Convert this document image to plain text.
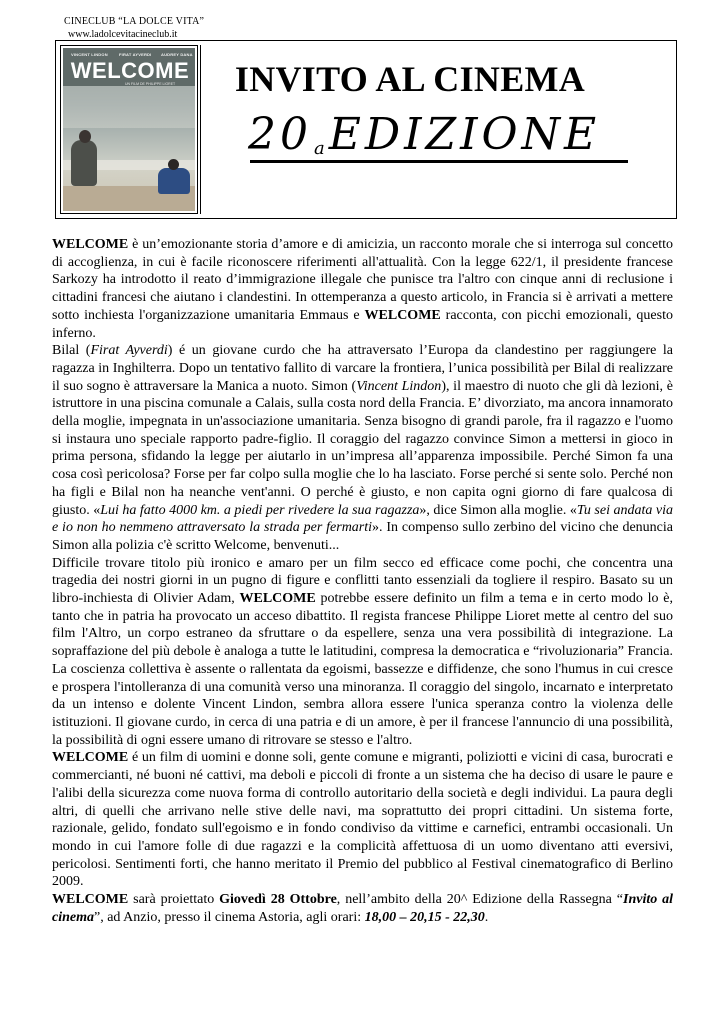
CINECLUB “LA DOLCE VITA”
www.ladolcevitacineclub.it
VINCENT LINDON	FIRAT AYVERDI AUDREY DANA
WELCOME
UN FILM DE PHILIPPE LIORET	INVITO AL CINEMA
20 $^a$EDIZIONE

WELCOME è un’emozionante storia d’amore e di amicizia, un racconto morale che si interroga sul concetto di accoglienza, in cui è facile riconoscere riferimenti all'attualità. Con la legge 622/1, il presidente francese Sarkozy ha introdotto il reato d’immigrazione illegale che punisce tra l'altro con cinque anni di reclusione i cittadini francesi che aiutano i clandestini. In ottemperanza a questo articolo, in Francia si è arrivati a mettere sotto inchiesta l'organizzazione umanitaria Emmaus e WELCOME racconta, con picchi emozionali, questo inferno.

Bilal (Firat Ayverdi) é un giovane curdo che ha attraversato l’Europa da clandestino per raggiungere la ragazza in Inghilterra. Dopo un tentativo fallito di varcare la frontiera, l’unica possibilità per Bilal di realizzare il suo sogno è attraversare la Manica a nuoto. Simon (Vincent Lindon), il maestro di nuoto che gli dà lezioni, è istruttore in una piscina comunale a Calais, sulla costa nord della Francia. E’ divorziato, ma ancora innamorato della moglie, impegnata in un'associazione umanitaria. Senza bisogno di grandi parole, fra il ragazzo e l'uomo si instaura uno speciale rapporto padre-figlio. Il coraggio del ragazzo convince Simon a mettersi in gioco in prima persona, sfidando la legge per aiutarlo in un’impresa all’apparenza impossibile. Perché Simon fa una cosa così pericolosa? Forse per far colpo sulla moglie che lo ha lasciato. Forse perché si sente solo. Perché non ha figli e Bilal non ha neanche vent'anni. O perché è giusto, e non capita ogni giorno di fare qualcosa di giusto. «Lui ha fatto 4000 km. a piedi per rivedere la sua ragazza», dice Simon alla moglie. «Tu sei andata via e io non ho nemmeno attraversato la strada per fermarti». In compenso sullo zerbino del vicino che denuncia Simon alla polizia c'è scritto Welcome, benvenuti...

Difficile trovare titolo più ironico e amaro per un film secco ed efficace come pochi, che concentra una tragedia dei nostri giorni in un pugno di figure e conflitti tanto essenziali da togliere il respiro. Basato su un libro-inchiesta di Olivier Adam, WELCOME potrebbe essere definito un film a tema e in certo modo lo è, tanto che in patria ha provocato un acceso dibattito. Il regista francese Philippe Lioret mette al centro del suo film l'Altro, un corpo estraneo da sfruttare o da espellere, senza una vera possibilità di integrazione. La sopraffazione del più debole è analoga a tutte le latitudini, compresa la democratica e “rivoluzionaria” Francia. La coscienza collettiva è assente o rallentata da egoismi, bassezze e diffidenze, che sono l'humus in cui cresce e prospera l'intolleranza di una comunità verso una minoranza. Il coraggio del singolo, incarnato e interpretato da un intenso e dolente Vincent Lindon, sembra allora essere l'unica speranza contro la violenza delle istituzioni. Il giovane curdo, in cerca di una patria e di un amore, è per il francese l'annuncio di una possibilità, la possibilità di ogni essere umano di ritrovare se stesso e l'altro.

WELCOME é un film di uomini e donne soli, gente comune e migranti, poliziotti e vicini di casa, burocrati e commercianti, né buoni né cattivi, ma deboli e piccoli di fronte a un sistema che ha deciso di usare le paure e l'alibi della sicurezza come nuova forma di controllo autoritario della società e degli individui. La paura degli altri, di quelli che arrivano nelle stive delle navi, ma soprattutto dei propri cittadini. Un sistema forte, razionale, gelido, fondato sull'egoismo e in fondo condiviso da vittime e carnefici, entrambi occasionali. Un mondo in cui l'amore folle di due ragazzi e la complicità affettuosa di un uomo diventano atti eversivi, pericolosi. Sentimenti forti, che hanno meritato il Premio del pubblico al Festival cinematografico di Berlino 2009.

WELCOME sarà proiettato Giovedì 28 Ottobre, nell’ambito della 20^ Edizione della Rassegna “Invito al cinema”, ad Anzio, presso il cinema Astoria, agli orari: 18,00 – 20,15 - 22,30.
